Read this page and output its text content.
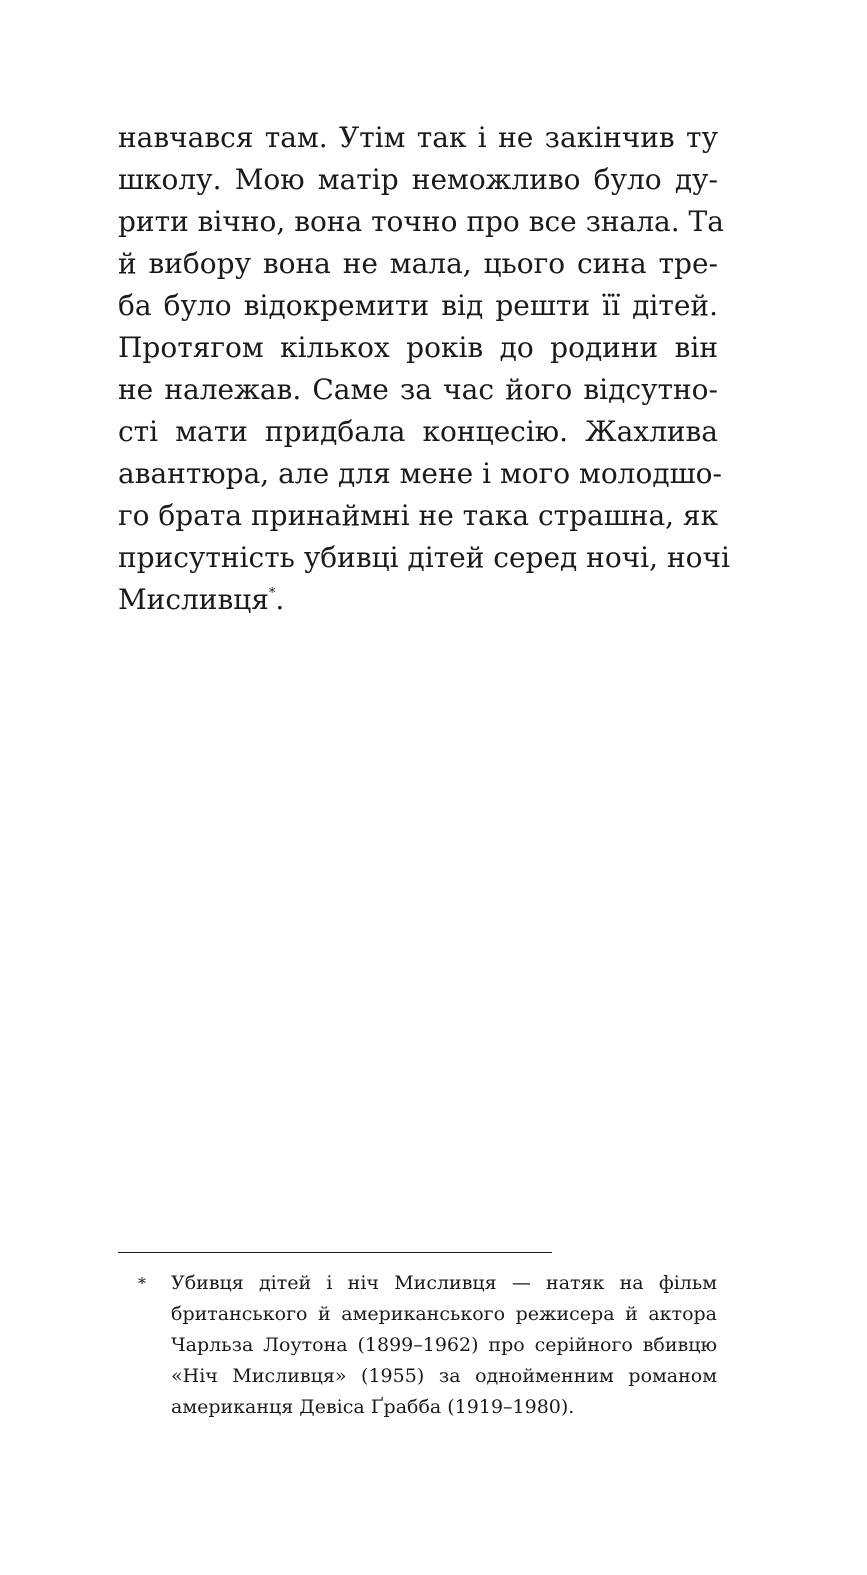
навчався там. Утім так і не закінчив ту
школу. Мою матір неможливо було ду-
рити вічно, вона точно про все знала. Та
й вибору вона не мала, цього сина тре-
ба було відокремити від решти її дітей.
Протягом кількох років до родини він
не належав. Саме за час його відсутно-
сті мати придбала концесію. Жахлива
авантюра, але для мене і мого молодшо-
го брата принаймні не така страшна, як
присутність убивці дітей серед ночі, ночі
Мисливця*.
* Убивця дітей і ніч Мисливця — натяк на фільм
британського й американського режисера й актора
Чарльза Лоутона (1899–1962) про серійного вбивцю
«Ніч Мисливця» (1955) за однойменним романом
американця Девіса Ґрабба (1919–1980).
